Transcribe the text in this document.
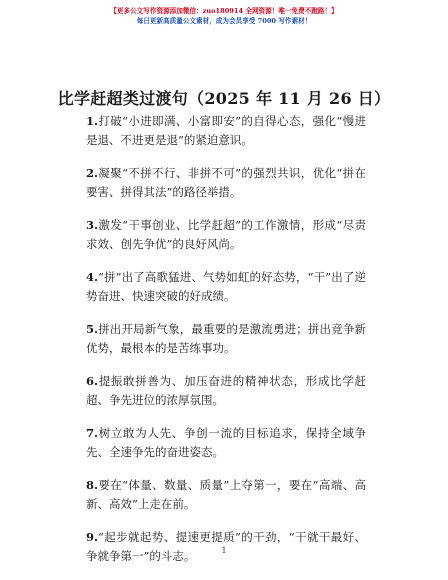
【更多公文写作资源添加微信：zuo180914 全网资源！唯一免费不跑路！】
每日更新高质量公文素材，成为会员享受 7000 写作素材！
比学赶超类过渡句（2025 年 11 月 26 日）

1.打破“小进即满、小富即安”的自得心态，强化“慢进是退、不进更是退”的紧迫意识。

2.凝聚“不拼不行、非拼不可”的强烈共识，优化“拼在要害、拼得其法”的路径举措。

3.激发“干事创业、比学赶超”的工作激情，形成“尽责求效、创先争优”的良好风尚。

4.“拼”出了高歌猛进、气势如虹的好态势，“干”出了逆势奋进、快速突破的好成绩。

5.拼出开局新气象，最重要的是激流勇进；拼出竞争新优势，最根本的是苦练事功。

6.提振敢拼善为、加压奋进的精神状态，形成比学赶超、争先进位的浓厚氛围。

7.树立敢为人先、争创一流的目标追求，保持全域争先、全速争先的奋进姿态。

8.要在“体量、数量、质量”上夺第一，要在“高端、高新、高效”上走在前。

9.“起步就起势、提速更提质”的干劲，“干就干最好、争就争第一”的斗志。	1
